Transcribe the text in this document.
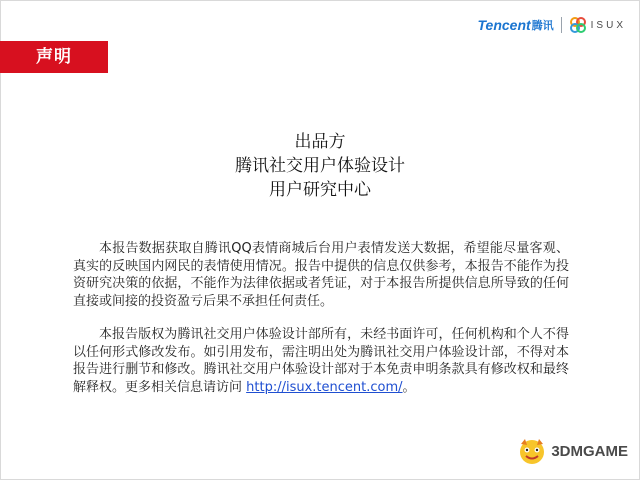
声明
Tencent 腾讯	ISUX
出品方
腾讯社交用户体验设计
用户研究中心

本报告数据获取自腾讯QQ表情商城后台用户表情发送大数据，希望能尽量客观、真实的反映国内网民的表情使用情况。报告中提供的信息仅供参考，本报告不能作为投资研究决策的依据，不能作为法律依据或者凭证，对于本报告所提供信息所导致的任何直接或间接的投资盈亏后果不承担任何责任。

本报告版权为腾讯社交用户体验设计部所有，未经书面许可，任何机构和个人不得以任何形式修改发布。如引用发布，需注明出处为腾讯社交用户体验设计部，不得对本报告进行删节和修改。腾讯社交用户体验设计部对于本免责申明条款具有修改权和最终解释权。更多相关信息请访问 http://isux.tencent.com/。

3DMGAME
